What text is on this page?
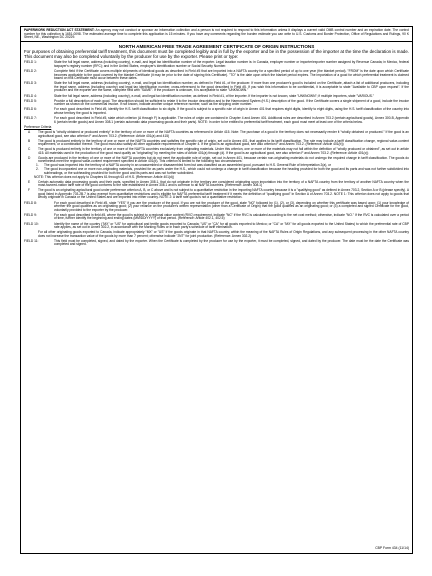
PAPERWORK REDUCTION ACT STATEMENT: An agency may not conduct or sponsor an information collection and a person is not required to respond to this information unless it displays a current valid OMB control number and an expiration date. The control number for this collection is 1651-0098. The estimated average time to complete this application is 15 minutes. If you have any comments regarding the burden estimate you can write to U.S. Customs and Border Protection, Office of Regulations and Rulings, 90 K Street, NE., Washington DC 20229.
NORTH AMERICAN FREE TRADE AGREEMENT CERTIFICATE OF ORIGIN INSTRUCTIONS
For purposes of obtaining preferential tariff treatment, this document must be completed legibly and in full by the exporter and be in the possession of the importer at the time the declaration is made. This document may also be completed voluntarily by the producer for use by the exporter. Please print or type:
FIELD 1:	State the full legal name, address (including country), e-mail, and legal tax identification number of the exporter. Legal taxation number is: in Canada, employer number or importer/exporter number assigned by Revenue Canada; in Mexico, federal taxpayer's registry number (RFC); and in the United States, employer's identification number or Social Security Number.
FIELD 2:	Complete field if the Certificate covers multiple shipments of identical goods as described in Field #5 that are imported into a NAFTA country for a specified period of up to one year (the blanket period). "FROM" is the date upon which Certificate becomes applicable to the good covered by the blanket Certificate (it may be prior to the date of signing this Certificate). "TO" is the date upon which the blanket period expires. The importation of a good for which preferential treatment is claimed based on this Certificate must occur between these dates.
FIELD 3:	State the full legal name, address (including country), e-mail, and legal tax identification number, as defined in Field #1, of the producer. If more than one producer's good is included on the Certificate, attach a list of additional producers, including the legal name, address (including country) and legal tax identification number, cross-referenced to the good described in Field #5. If you wish this information to be confidential, it is acceptable to state "Available to CBP upon request". If the producer and the exporter are the same, complete field with "SAME". If the producer is unknown, it is acceptable to state "UNKNOWN."
FIELD 4:	State the full legal name, address (including country), e-mail, and legal tax identification number, as defined in Field #1, of the importer. If the importer is not known, state "UNKNOWN"; if multiple importers, state "VARIOUS."
FIELD 5:	Provide a full description of each good. The description should be sufficient to relate it to the invoice description and to the Harmonized System (H.S.) description of the good. If the Certificate covers a single shipment of a good, include the invoice number as shown on the commercial invoice. If not known, indicate another unique reference number, such as the shipping order number.
FIELD 6:	For each good described in Field #5, identify the H.S. tariff classification to six digits. If the good is subject to a specific rule of origin in Annex 401 that requires eight digits, identify to eight digits, using the H.S. tariff classification of the country into whose territory the good is imported.
FIELD 7:	For each good described in Field #5, state which criterion (A through F) is applicable. The rules of origin are contained in Chapter 4 and Annex 401. Additional rules are described in Annex 703.2 (certain agricultural goods), Annex 300-B, Appendix 6 (certain textile goods) and Annex 308.1 (certain automatic data processing goods and their parts). NOTE: In order to be entitled to preferential tariff treatment, each good must meet at least one of the criteria below.
Preference Criteria
A	The good is "wholly obtained or produced entirely" in the territory of one or more of the NAFTA countries as referenced in Article 415. Note: The purchase of a good in the territory does not necessarily render it "wholly obtained or produced." If the good is an agricultural good, see also criterion F and Annex 703.2. (Reference: Article 401(a) and 415)
B	The good is produced entirely in the territory of one or more of the NAFTA countries and satisfies the specific rule of origin, set out in Annex 401, that applies to its tariff classification. The rule may include a tariff classification change, regional value-content requirement, or a combination thereof. The good must also satisfy all other applicable requirements of Chapter 4. If the good is an agricultural good, see also criterion F and Annex 703.2. (Reference: Article 401(b))
C	The good is produced entirely in the territory of one or more of the NAFTA countries exclusively from originating materials. Under this criterion, one or more of the materials may not fall within the definition of "wholly produced or obtained", as set out in article 415. All materials used in the production of the good must qualify as "originating" by meeting the rules of Article 401(a) through (d). If the good is an agricultural good, see also criterion F and Annex 703.2. (Reference: Article 401(c))
D	Goods are produced in the territory of one or more of the NAFTA countries but do not meet the applicable rule of origin, set out in Annex 401, because certain non-originating materials do not undergo the required change in tariff classification. The goods do nonetheless meet the regional value-content requirement specified in Article 401(d). This criterion is limited to the following two circumstances:
1.	The good was imported into the territory of a NAFTA country in an unassembled or disassembled form but was classified as an assembled good, pursuant to H.S. General Rule of Interpretation 2(a), or
2.	The good incorporated one or more non-originating materials, provided for as parts under the H.S., which could not undergo a change in tariff classification because the heading provided for both the good and its parts and was not further subdivided into subheadings, or the subheading provided for both the good and its parts and was not further subdivided.
NOTE: This criterion does not apply to Chapters 61 through 63 of H.S. (Reference: Article 401(d))
E	Certain automatic data processing goods and their parts, specified in Annex 308.1, that do not originate in the territory are considered originating upon importation into the territory of a NAFTA country from the territory of another NAFTA country when the most-favored-nation tariff rate of the good conforms to the rate established in Annex 308.1 and is common to all NAFTA countries. (Reference: Annex 308.1)
F	The good is an originating agricultural good under preference criterion A, B, or C above and is not subject to a quantitative restriction in the importing NAFTA country because it is a "qualifying good" as defined in Annex 703.2, Section A or B (please specify). A good listed in Appendix 703.2B.7 is also exempt from quantitative restrictions and is eligible for NAFTA preferential tariff treatment if it meets the definition of "qualifying good" in Section A of Annex 703.2. NOTE 1: This criterion does not apply to goods that wholly originate in Canada or the United States and are imported into either country. NOTE 2: A tariff rate quota is not a quantitative restriction.
FIELD 8:	For each good described in Field #5, state "YES" if you are the producer of the good. If you are not the producer of the good, state "NO" followed by (1), (2), or (3), depending on whether this certificate was based upon: (1) your knowledge of whether the good qualifies as an originating good; (2) your reliance on the producer's written representation (other than a Certificate of Origin) that the good qualifies as an originating good; or (3) a completed and signed Certificate for the good, voluntarily provided to the exporter by the producer.
FIELD 9:	For each good described in field #5, where the good is subject to a regional value content (RVC) requirement, indicate "NC" if the RVC is calculated according to the net cost method; otherwise, indicate "NO." If the RVC is calculated over a period of time, further identify the beginning and ending dates (MM/DD/YYYY) of that period. (Reference: Article 402.1, 402.5)
FIELD 10:	Identify the name of the country ("MX" or "US" for agricultural and textile goods exported to Canada; "US" or "CA" for all goods exported to Mexico; or "CA" or "MX" for all goods exported to the United States) to which the preferential rate of CBP rate applies, as set out in Annex 302.2, in accordance with the Marking Rules or in each party's schedule of tariff elimination.
For all other originating goods exported to Canada, indicate appropriately "MX" or "US" if the goods originate in that NAFTA country, within the meaning of the NAFTA Rules of Origin Regulations, and any subsequent processing in the other NAFTA country does not increase the transaction value of the goods by more than 7 percent; otherwise indicate "JNT" for joint production. (Reference: Annex 302.2)
FIELD 11:	This field must be completed, signed, and dated by the exporter. When the Certificate is completed by the producer for use by the exporter, it must be completed, signed, and dated by the producer. The date must be the date the Certificate was completed and signed.
CBP Form 434 (11/14)
